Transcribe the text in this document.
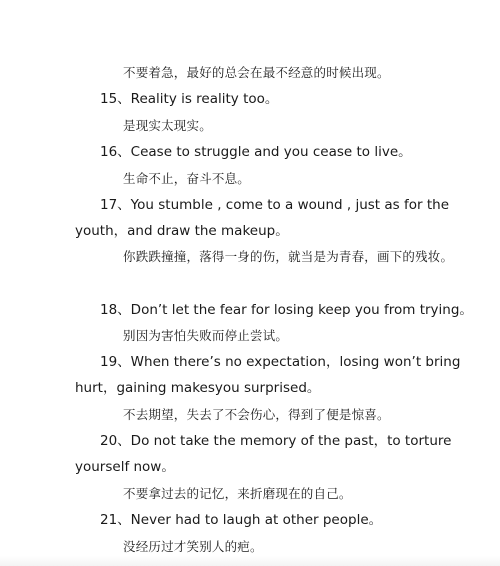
不要着急，最好的总会在最不经意的时候出现。
15、Reality is reality too。
是现实太现实。
16、Cease to struggle and you cease to live。
生命不止，奋斗不息。
17、You stumble , come to a wound , just as for the
youth，and draw the makeup。
你跌跌撞撞，落得一身的伤，就当是为青春，画下的残妆。
18、Don’t let the fear for losing keep you from trying。
别因为害怕失败而停止尝试。
19、When there’s no expectation，losing won’t bring
hurt，gaining makesyou surprised。
不去期望，失去了不会伤心，得到了便是惊喜。
20、Do not take the memory of the past，to torture
yourself now。
不要拿过去的记忆，来折磨现在的自己。
21、Never had to laugh at other people。
没经历过才笑别人的疤。
